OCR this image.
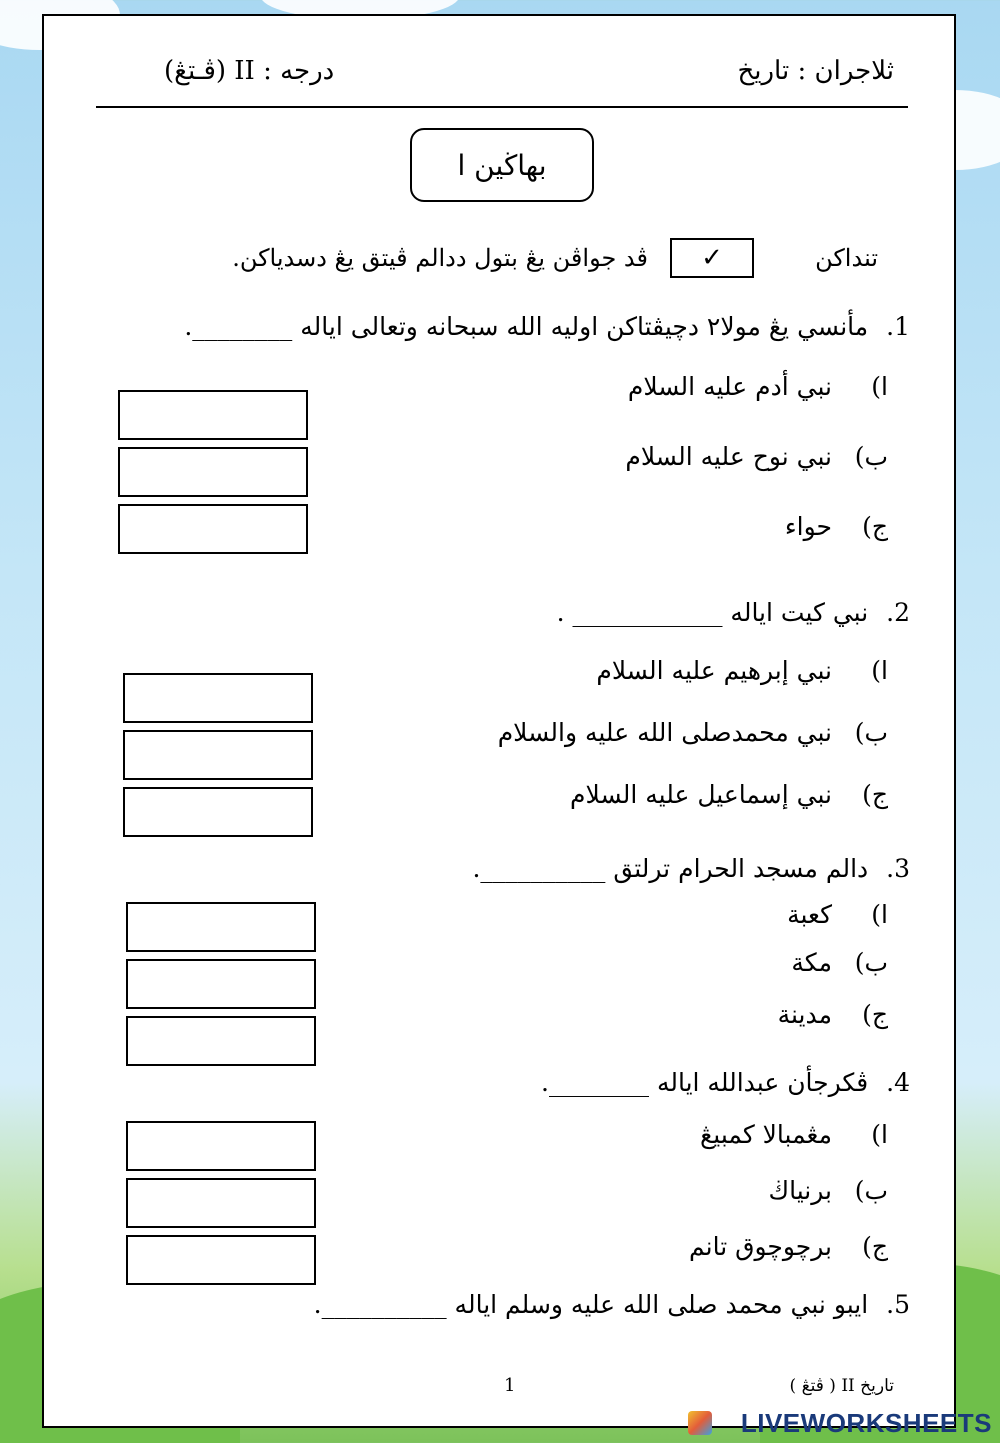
ثلاجران : تاريخ
درجه : II (ڤـتڠ)
بهاڬين ا
تنداكن
✓
ڤد جواڤن يڠ بتول ددالم ڤيتق يڠ دسدياكن.
1. مأنسي يڠ مولا٢ دچيڤتاكن اوليه الله سبحانه وتعالى اياله ________.
ا)نبي أدم عليه السلام
ب)نبي نوح عليه السلام
ج)حواء
2. نبي كيت اياله ____________ .
ا)نبي إبرهيم عليه السلام
ب)نبي محمدصلى الله عليه والسلام
ج)نبي إسماعيل عليه السلام
3. دالم مسجد الحرام ترلتق __________.
ا)كعبة
ب)مكة
ج)مدينة
4. ڤكرجأن عبدالله اياله ________.
ا)مڠمبالا كمبيڠ
ب)برنياڬ
ج)برچوچوق تانم
5. ايبو نبي محمد صلى الله عليه وسلم اياله __________.
تاريخ II ( ڤتڠ )
1
LIVEWORKSHEETS
